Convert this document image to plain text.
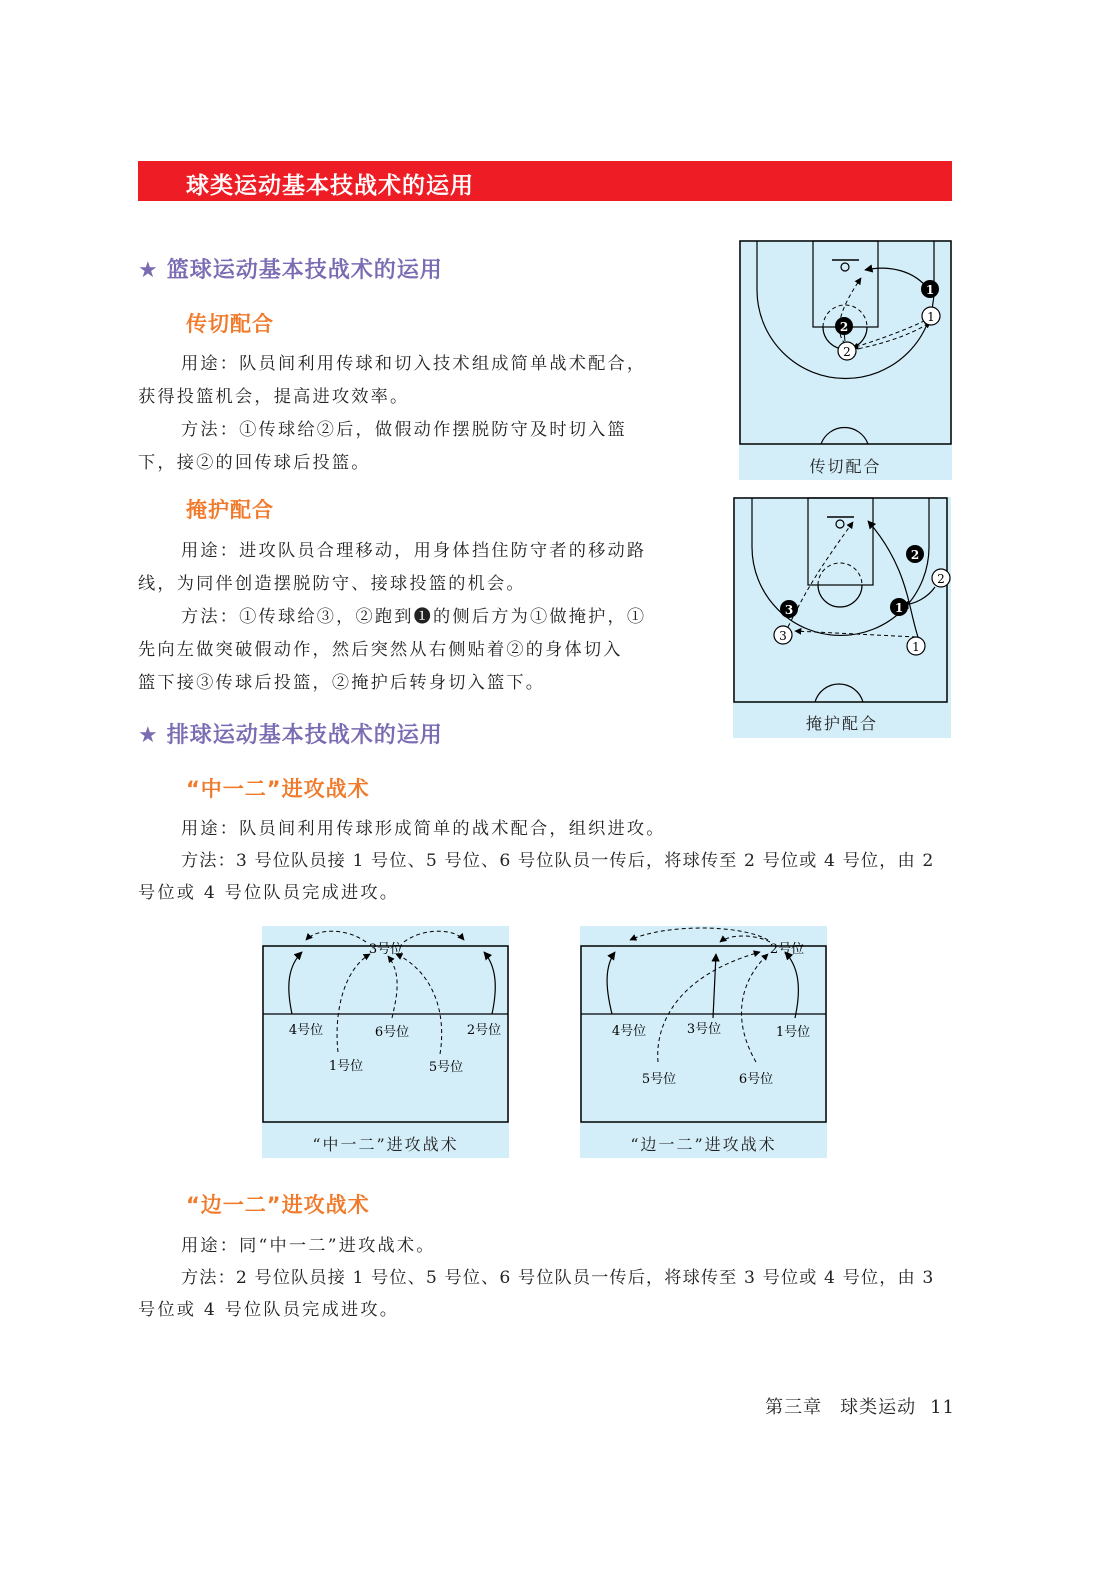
球类运动基本技战术的运用
★ 篮球运动基本技战术的运用
传切配合
用途：队员间利用传球和切入技术组成简单战术配合，
获得投篮机会，提高进攻效率。
方法：①传球给②后，做假动作摆脱防守及时切入篮
下，接②的回传球后投篮。
掩护配合
用途：进攻队员合理移动，用身体挡住防守者的移动路
线，为同伴创造摆脱防守、接球投篮的机会。
方法：①传球给③，②跑到❶的侧后方为①做掩护，①
先向左做突破假动作，然后突然从右侧贴着②的身体切入
篮下接③传球后投篮，②掩护后转身切入篮下。
1
1
2
2
传切配合
2
2
1
1
3
3
掩护配合
★ 排球运动基本技战术的运用
“中一二”进攻战术
用途：队员间利用传球形成简单的战术配合，组织进攻。
方法：3 号位队员接 1 号位、5 号位、6 号位队员一传后，将球传至 2 号位或 4 号位，由 2
号位或 4 号位队员完成进攻。
3号位
4号位	6号位	2号位
1号位	5号位
“中一二”进攻战术
2号位
4号位	3号位	1号位
5号位	6号位
“边一二”进攻战术
“边一二”进攻战术
用途：同“中一二”进攻战术。
方法：2 号位队员接 1 号位、5 号位、6 号位队员一传后，将球传至 3 号位或 4 号位，由 3
号位或 4 号位队员完成进攻。
第三章 球类运动 11
